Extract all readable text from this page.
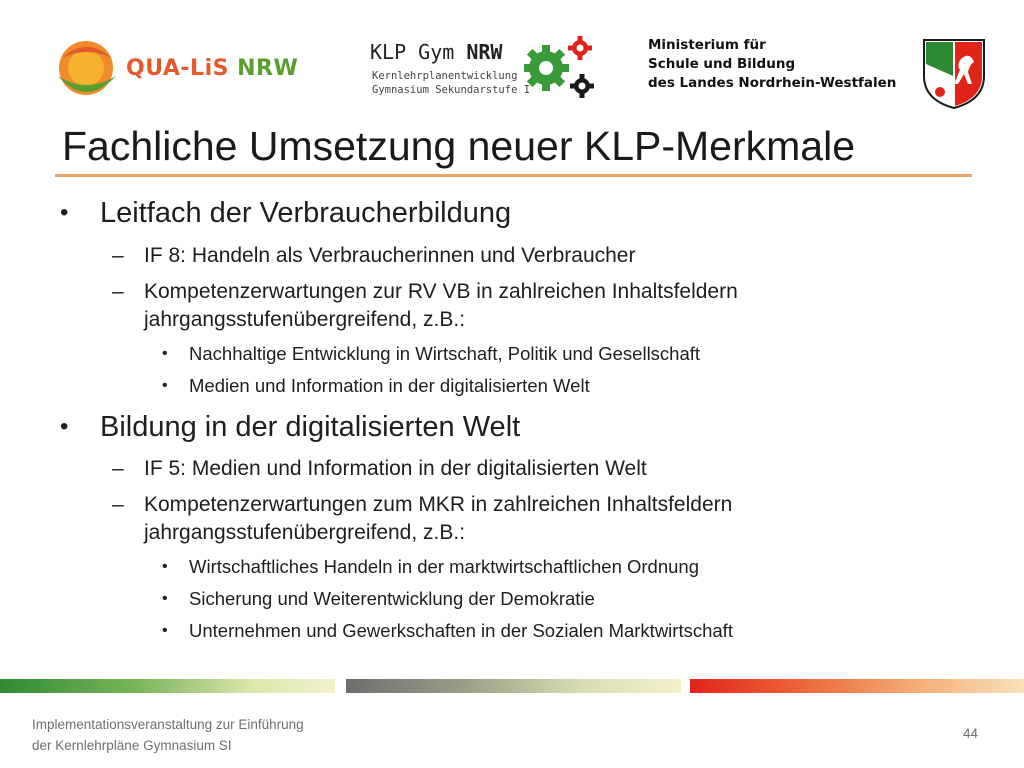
QUA-LiS NRW
KLP Gym NRW
Kernlehrplanentwicklung
Gymnasium Sekundarstufe I
Ministerium für
Schule und Bildung
des Landes Nordrhein-Westfalen
Fachliche Umsetzung neuer KLP-Merkmale
• Leitfach der Verbraucherbildung
– IF 8: Handeln als Verbraucherinnen und Verbraucher
– Kompetenzerwartungen zur RV VB in zahlreichen Inhaltsfeldern
jahrgangsstufenübergreifend, z.B.:
• Nachhaltige Entwicklung in Wirtschaft, Politik und Gesellschaft
• Medien und Information in der digitalisierten Welt
• Bildung in der digitalisierten Welt
– IF 5: Medien und Information in der digitalisierten Welt
– Kompetenzerwartungen zum MKR in zahlreichen Inhaltsfeldern
jahrgangsstufenübergreifend, z.B.:
• Wirtschaftliches Handeln in der marktwirtschaftlichen Ordnung
• Sicherung und Weiterentwicklung der Demokratie
• Unternehmen und Gewerkschaften in der Sozialen Marktwirtschaft
Implementationsveranstaltung zur Einführung
der Kernlehrpläne Gymnasium SI
44
